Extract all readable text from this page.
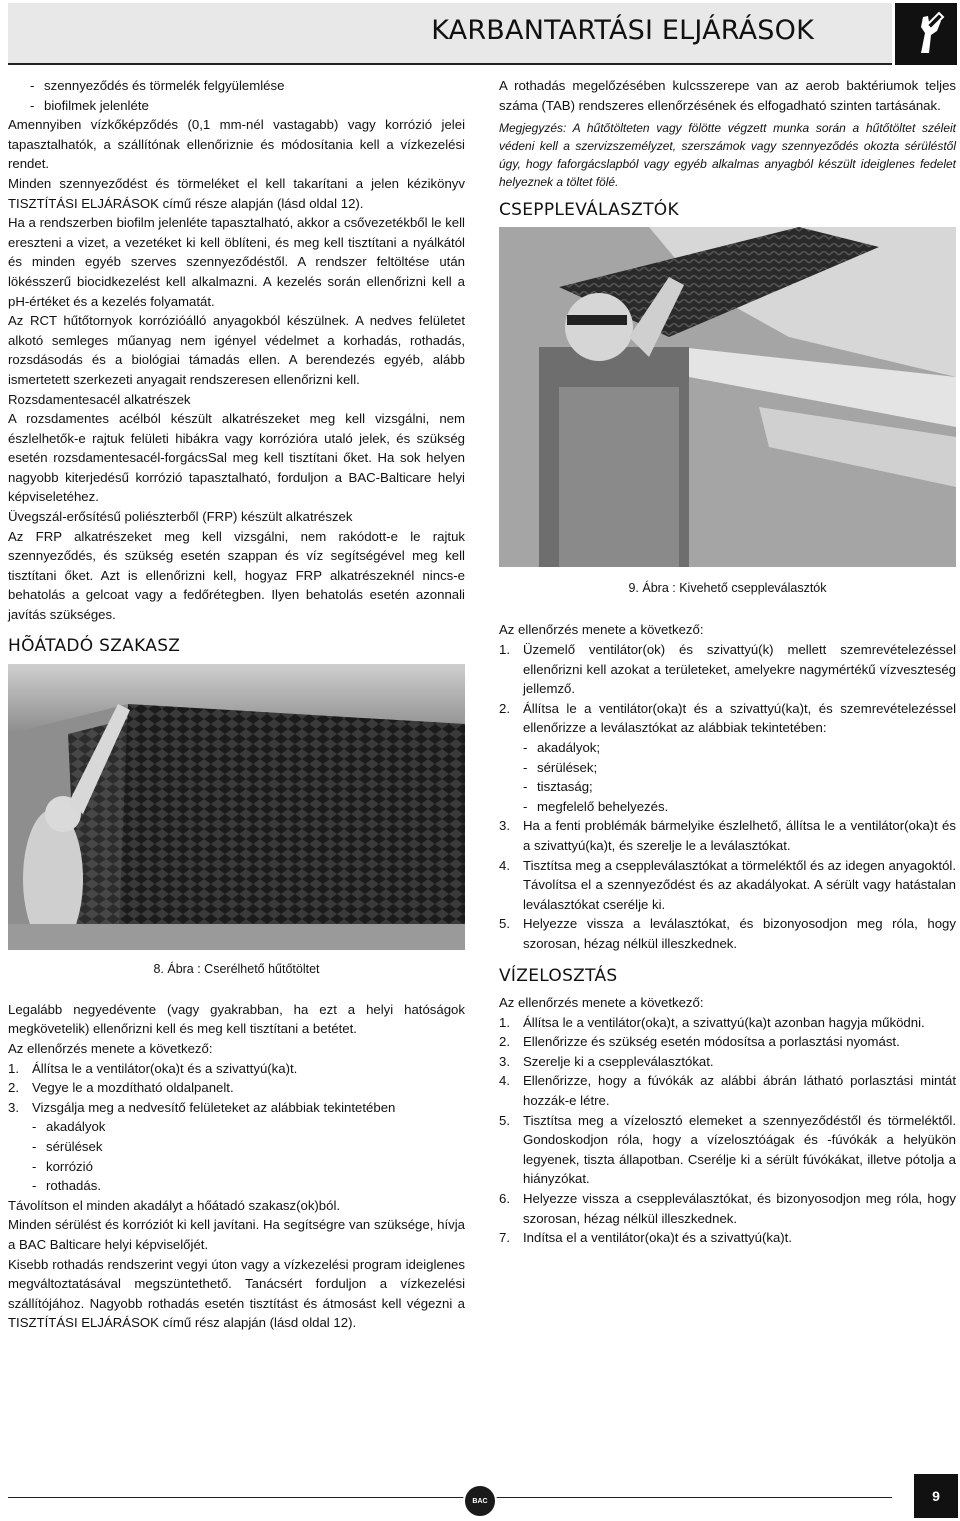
KARBANTARTÁSI ELJÁRÁSOK

- szennyeződés és törmelék felgyülemlése

- biofilmek jelenléte

Amennyiben vízkőképződés (0,1 mm-nél vastagabb) vagy korrózió jelei tapasztalhatók, a szállítónak ellenőriznie és módosítania kell a vízkezelési rendet.

Minden szennyeződést és törmeléket el kell takarítani a jelen kézikönyv TISZTÍTÁSI ELJÁRÁSOK című része alapján (lásd oldal 12).

Ha a rendszerben biofilm jelenléte tapasztalható, akkor a csővezetékből le kell ereszteni a vizet, a vezetéket ki kell öblíteni, és meg kell tisztítani a nyálkától és minden egyéb szerves szennyeződéstől. A rendszer feltöltése után lökésszerű biocidkezelést kell alkalmazni. A kezelés során ellenőrizni kell a pH-értéket és a kezelés folyamatát.

Az RCT hűtőtornyok korrózióálló anyagokból készülnek. A nedves felületet alkotó semleges műanyag nem igényel védelmet a korhadás, rothadás, rozsdásodás és a biológiai támadás ellen. A berendezés egyéb, alább ismertetett szerkezeti anyagait rendszeresen ellenőrizni kell.

Rozsdamentesacél alkatrészek

A rozsdamentes acélból készült alkatrészeket meg kell vizsgálni, nem észlelhetők-e rajtuk felületi hibákra vagy korrózióra utaló jelek, és szükség esetén rozsdamentesacél-forgácsSal meg kell tisztítani őket. Ha sok helyen nagyobb kiterjedésű korrózió tapasztalható, forduljon a BAC-Balticare helyi képviseletéhez.

Üvegszál-erősítésű poliészterből (FRP) készült alkatrészek

Az FRP alkatrészeket meg kell vizsgálni, nem rakódott-e le rajtuk szennyeződés, és szükség esetén szappan és víz segítségével meg kell tisztítani őket. Azt is ellenőrizni kell, hogyaz FRP alkatrészeknél nincs-e behatolás a gelcoat vagy a fedőrétegben. Ilyen behatolás esetén azonnali javítás szükséges.

HÕÁTADÓ SZAKASZ
8. Ábra : Cserélhető hűtőtöltet

Legalább negyedévente (vagy gyakrabban, ha ezt a helyi hatóságok megkövetelik) ellenőrizni kell és meg kell tisztítani a betétet.

Az ellenőrzés menete a következő:

1. Állítsa le a ventilátor(oka)t és a szivattyú(ka)t.
2. Vegye le a mozdítható oldalpanelt.
3. Vizsgálja meg a nedvesítő felületeket az alábbiak tekintetében
- akadályok
- sérülések
- korrózió
- rothadás.

Távolítson el minden akadályt a hőátadó szakasz(ok)ból.

Minden sérülést és korróziót ki kell javítani. Ha segítségre van szüksége, hívja a BAC Balticare helyi képviselőjét.

Kisebb rothadás rendszerint vegyi úton vagy a vízkezelési program ideiglenes megváltoztatásával megszüntethető. Tanácsért forduljon a vízkezelési szállítójához. Nagyobb rothadás esetén tisztítást és átmosást kell végezni a TISZTÍTÁSI ELJÁRÁSOK című rész alapján (lásd oldal 12).

A rothadás megelőzésében kulcsszerepe van az aerob baktériumok teljes száma (TAB) rendszeres ellenőrzésének és elfogadható szinten tartásának.

Megjegyzés: A hűtőtölteten vagy fölötte végzett munka során a hűtőtöltet széleit védeni kell a szervizszemélyzet, szerszámok vagy szennyeződés okozta sérüléstől úgy, hogy faforgácslapból vagy egyéb alkalmas anyagból készült ideiglenes fedelet helyeznek a töltet fölé.

CSEPPLEVÁLASZTÓK
9. Ábra : Kivehető cseppleválasztók

Az ellenőrzés menete a következő:

1. Üzemelő ventilátor(ok) és szivattyú(k) mellett szemrevételezéssel ellenőrizni kell azokat a területeket, amelyekre nagymértékű vízveszteség jellemző.
2. Állítsa le a ventilátor(oka)t és a szivattyú(ka)t, és szemrevételezéssel ellenőrizze a leválasztókat az alábbiak tekintetében:
- akadályok;
- sérülések;
- tisztaság;
- megfelelő behelyezés.
3. Ha a fenti problémák bármelyike észlelhető, állítsa le a ventilátor(oka)t és a szivattyú(ka)t, és szerelje le a leválasztókat.
4. Tisztítsa meg a cseppleválasztókat a törmeléktől és az idegen anyagoktól. Távolítsa el a szennyeződést és az akadályokat. A sérült vagy hatástalan leválasztókat cserélje ki.
5. Helyezze vissza a leválasztókat, és bizonyosodjon meg róla, hogy szorosan, hézag nélkül illeszkednek.
VÍZELOSZTÁS

Az ellenőrzés menete a következő:

1. Állítsa le a ventilátor(oka)t, a szivattyú(ka)t azonban hagyja működni.
2. Ellenőrizze és szükség esetén módosítsa a porlasztási nyomást.
3. Szerelje ki a cseppleválasztókat.
4. Ellenőrizze, hogy a fúvókák az alábbi ábrán látható porlasztási mintát hozzák-e létre.
5. Tisztítsa meg a vízelosztó elemeket a szennyeződéstől és törmeléktől. Gondoskodjon róla, hogy a vízelosztóágak és -fúvókák a helyükön legyenek, tiszta állapotban. Cserélje ki a sérült fúvókákat, illetve pótolja a hiányzókat.
6. Helyezze vissza a cseppleválasztókat, és bizonyosodjon meg róla, hogy szorosan, hézag nélkül illeszkednek.
7. Indítsa el a ventilátor(oka)t és a szivattyú(ka)t.
BAC	9
